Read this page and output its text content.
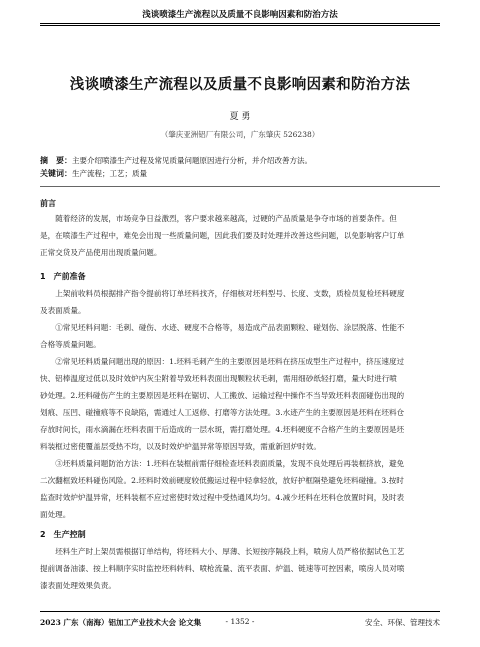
浅谈喷漆生产流程以及质量不良影响因素和防治方法
浅谈喷漆生产流程以及质量不良影响因素和防治方法
夏 勇
（肇庆亚洲铝厂有限公司，广东肇庆 526238）
摘　要：主要介绍喷漆生产过程及常见质量问题原因进行分析，并介绍改善方法。
关键词：生产流程；工艺；质量
前言
随着经济的发展，市场竞争日益激烈，客户要求越来越高，过硬的产品质量是争夺市场的首要条件。但
是，在喷漆生产过程中，难免会出现一些质量问题，因此我们要及时处理并改善这些问题，以免影响客户订单
正常交货及产品使用出现质量问题。
1　产前准备
上架前收料员根据排产指令提前将订单坯料找齐，仔细核对坯料型号、长度、支数，质检员复检坯料硬度
及表面质量。
①常见坯料问题：毛刺、碰伤、水迹、硬度不合格等，易造成产品表面颗粒、碰划伤、涂层脱落、性能不
合格等质量问题。
②常见坯料质量问题出现的原因：1.坯料毛刺产生的主要原因是坯料在挤压成型生产过程中，挤压速度过
快、铝棒温度过低以及时效炉内灰尘附着导致坯料表面出现颗粒状毛刺，需用细砂纸轻打磨，量大时进行喷
砂处理。2.坯料碰伤产生的主要原因是坯料在锯切、人工搬放、运输过程中操作不当导致坯料表面碰伤出现的
划痕、压凹、碰撞痕等不良缺陷，需通过人工返修、打磨等方法处理。3.水迹产生的主要原因是坯料在坯料仓
存放时间长，雨水滴漏在坯料表面干后造成的一层水斑，需打磨处理。4.坯料硬度不合格产生的主要原因是坯
料装框过密使覆盖层受热不均，以及时效炉炉温异常等原因导致，需重新回炉时效。
③坯料质量问题防治方法：1.坯料在装框前需仔细检查坯料表面质量，发现不良处理后再装框挤放，避免
二次翻框致坯料碰伤风险。2.坯料时效前硬度较低搬运过程中轻拿轻放，放好护框隔垫避免坯料碰撞。3.按时
监查时效炉炉温异常，坯料装框不应过密使时效过程中受热通风均匀。4.减少坯料在坯料仓放置时间，及时表
面处理。
2　生产控制
坯料生产时上架员需根据订单结构，将坯料大小、厚薄、长短按序隔段上料，喷房人员严格依据试色工艺
提前调备油漆、按上料顺序实时监控坯料转料、喷枪流量、流平表面、炉温、链速等可控因素，喷房人员对喷
漆表面处理效果负责。
2023 广东（南海）铝加工产业技术大会 论文集	- 1352 -	安全、环保、管理技术
